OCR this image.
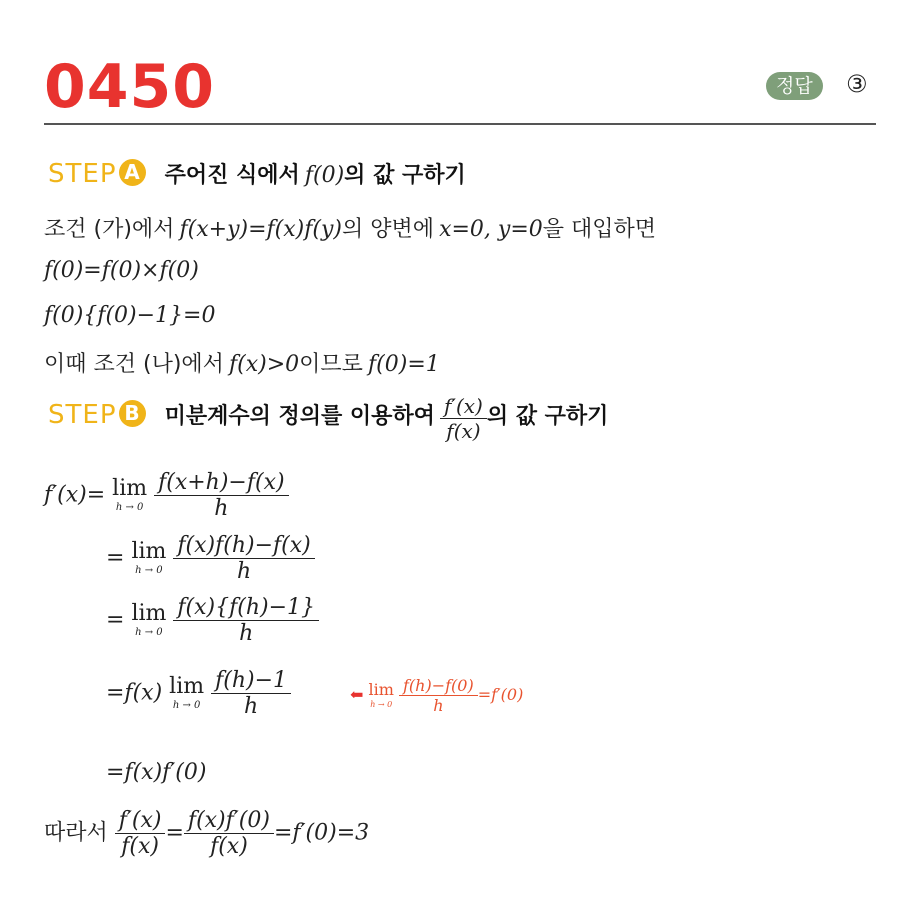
0450	정답	③
STEP A 주어진 식에서 f(0)의 값 구하기
조건 (가)에서 f(x+y)=f(x)f(y)의 양변에 x=0, y=0을 대입하면
f(0)=f(0)×f(0)
f(0){f(0)−1}=0
이때 조건 (나)에서 f(x)>0이므로 f(0)=1
STEP B 미분계수의 정의를 이용하여 $\frac{f'(x)}{f(x)}$ 의 값 구하기
f′(x)= lim
h → 0
$\frac{f(x+h)-f(x)}{h}$
= lim
h → 0
$\frac{f(x)f(h)-f(x)}{h}$
= lim
h → 0
$\frac{f(x)\{f(h)-1\}}{h}$
=f(x) lim
h → 0
$\frac{f(h)-1}{h}$	⬅ lim
h → 0
$\frac{f(h)-f(0)}{h} =f'(0)$
=f(x)f′(0)
따라서 $\frac{f'(x)}{f(x)} = \frac{f(x)f'(0)}{f(x)} =f'(0)=3$
